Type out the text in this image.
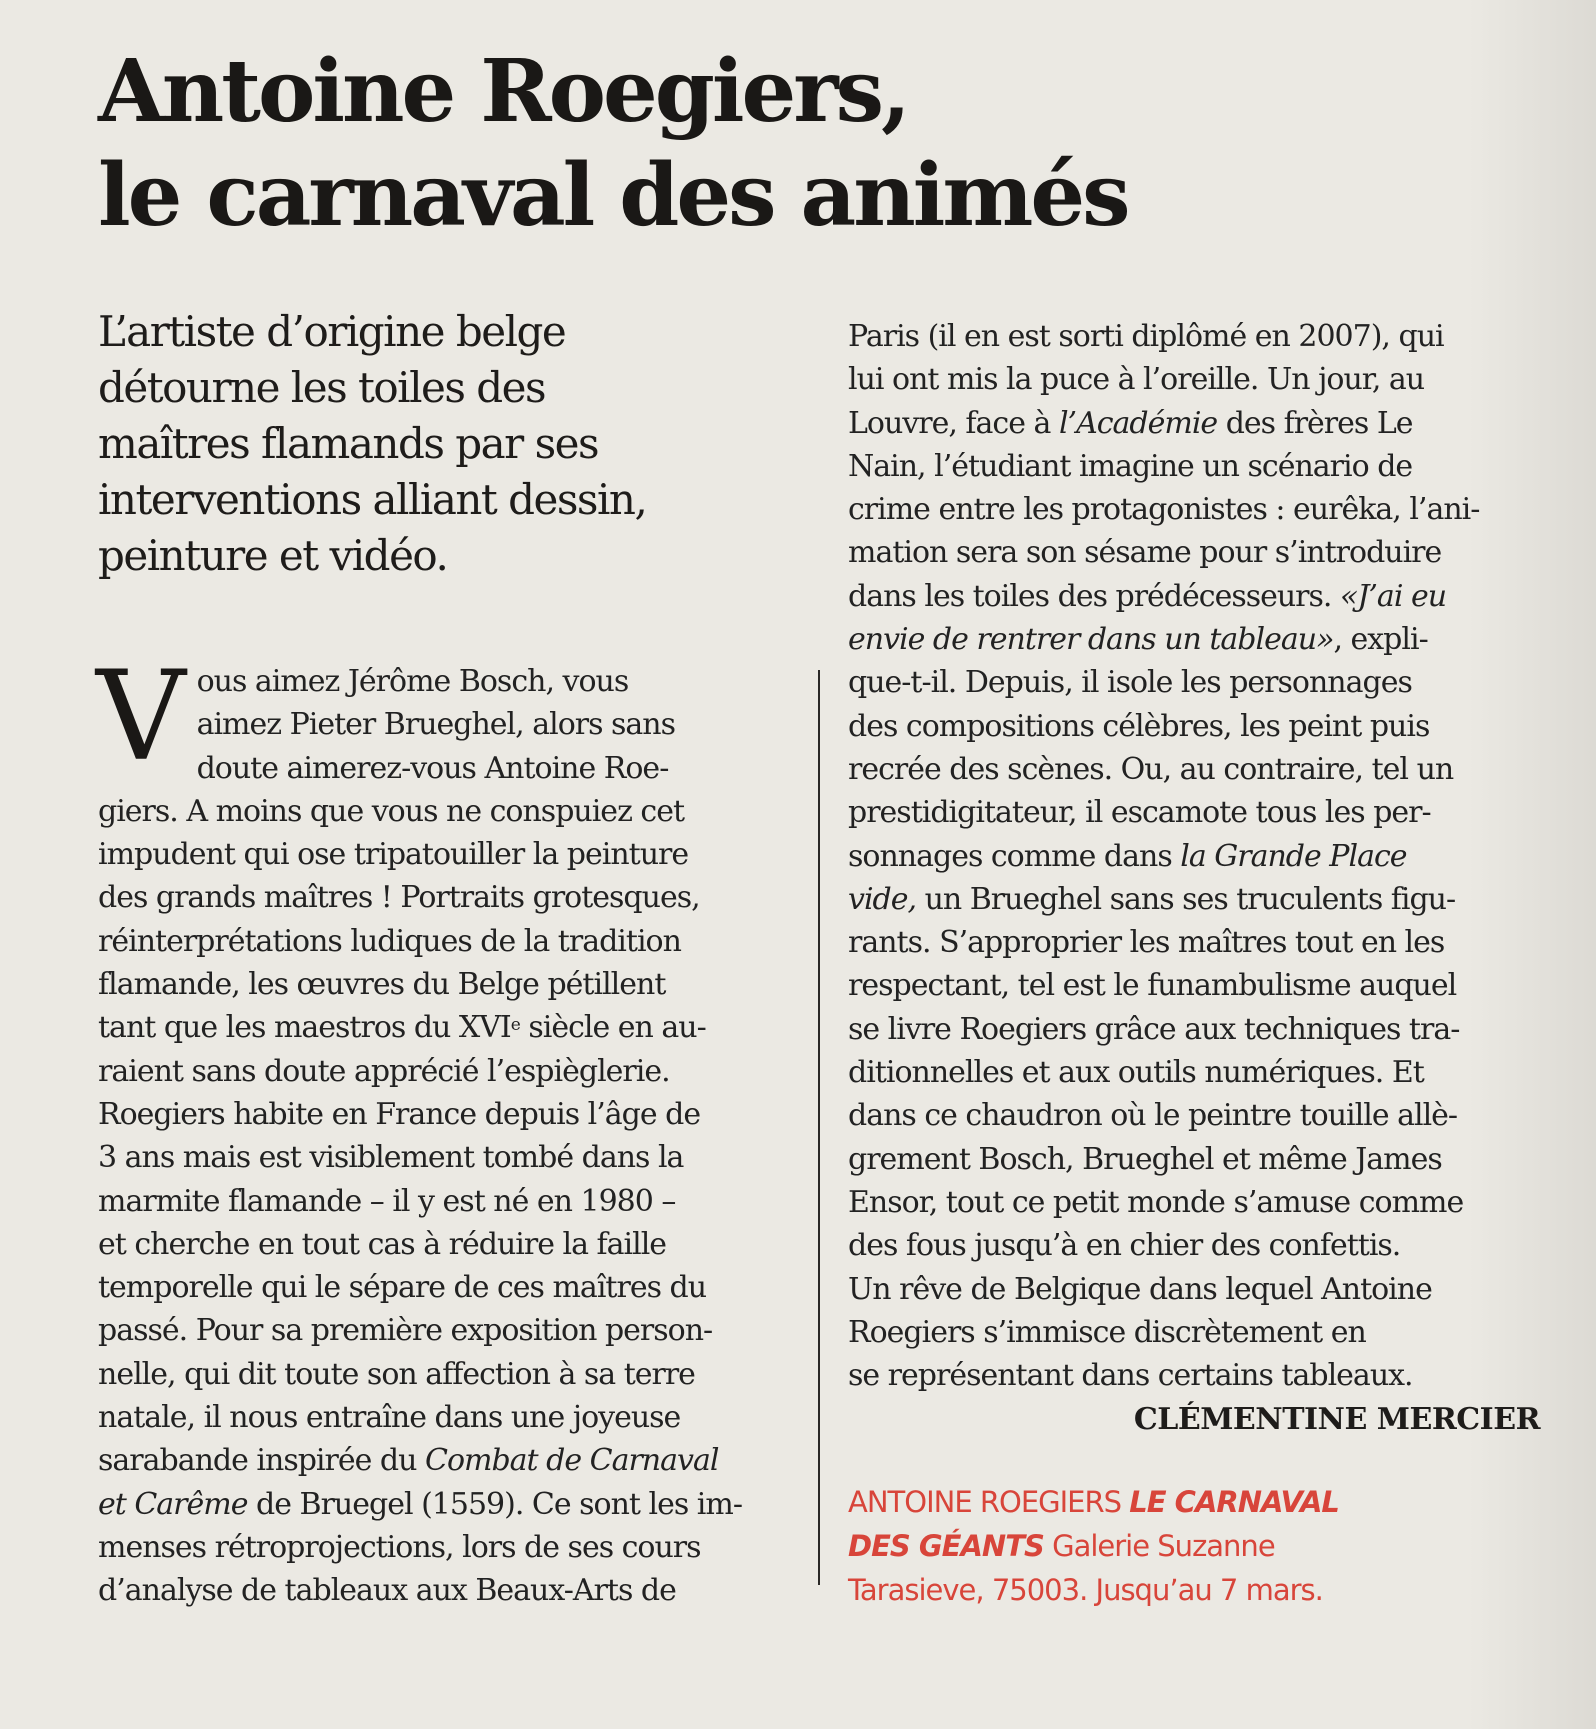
Antoine Roegiers,
le carnaval des animés
L’artiste d’origine belge
détourne les toiles des
maîtres flamands par ses
interventions alliant dessin,
peinture et vidéo.
V ous aimez Jérôme Bosch, vous
aimez Pieter Brueghel, alors sans
doute aimerez-vous Antoine Roe-
giers. A moins que vous ne conspuiez cet
impudent qui ose tripatouiller la peinture
des grands maîtres ! Portraits grotesques,
réinterprétations ludiques de la tradition
flamande, les œuvres du Belge pétillent
tant que les maestros du XVIe siècle en au-
raient sans doute apprécié l’espièglerie.
Roegiers habite en France depuis l’âge de
3 ans mais est visiblement tombé dans la
marmite flamande – il y est né en 1980 –
et cherche en tout cas à réduire la faille
temporelle qui le sépare de ces maîtres du
passé. Pour sa première exposition person-
nelle, qui dit toute son affection à sa terre
natale, il nous entraîne dans une joyeuse
sarabande inspirée du Combat de Carnaval
et Carême de Bruegel (1559). Ce sont les im-
menses rétroprojections, lors de ses cours
d’analyse de tableaux aux Beaux-Arts de
Paris (il en est sorti diplômé en 2007), qui
lui ont mis la puce à l’oreille. Un jour, au
Louvre, face à l’Académie des frères Le
Nain, l’étudiant imagine un scénario de
crime entre les protagonistes : eurêka, l’ani-
mation sera son sésame pour s’introduire
dans les toiles des prédécesseurs. «J’ai eu
envie de rentrer dans un tableau», expli-
que-t-il. Depuis, il isole les personnages
des compositions célèbres, les peint puis
recrée des scènes. Ou, au contraire, tel un
prestidigitateur, il escamote tous les per-
sonnages comme dans la Grande Place
vide, un Brueghel sans ses truculents figu-
rants. S’approprier les maîtres tout en les
respectant, tel est le funambulisme auquel
se livre Roegiers grâce aux techniques tra-
ditionnelles et aux outils numériques. Et
dans ce chaudron où le peintre touille allè-
grement Bosch, Brueghel et même James
Ensor, tout ce petit monde s’amuse comme
des fous jusqu’à en chier des confettis.
Un rêve de Belgique dans lequel Antoine
Roegiers s’immisce discrètement en
se représentant dans certains tableaux.
CLÉMENTINE MERCIER
ANTOINE ROEGIERS LE CARNAVAL
DES GÉANTS Galerie Suzanne
Tarasieve, 75003. Jusqu’au 7 mars.
